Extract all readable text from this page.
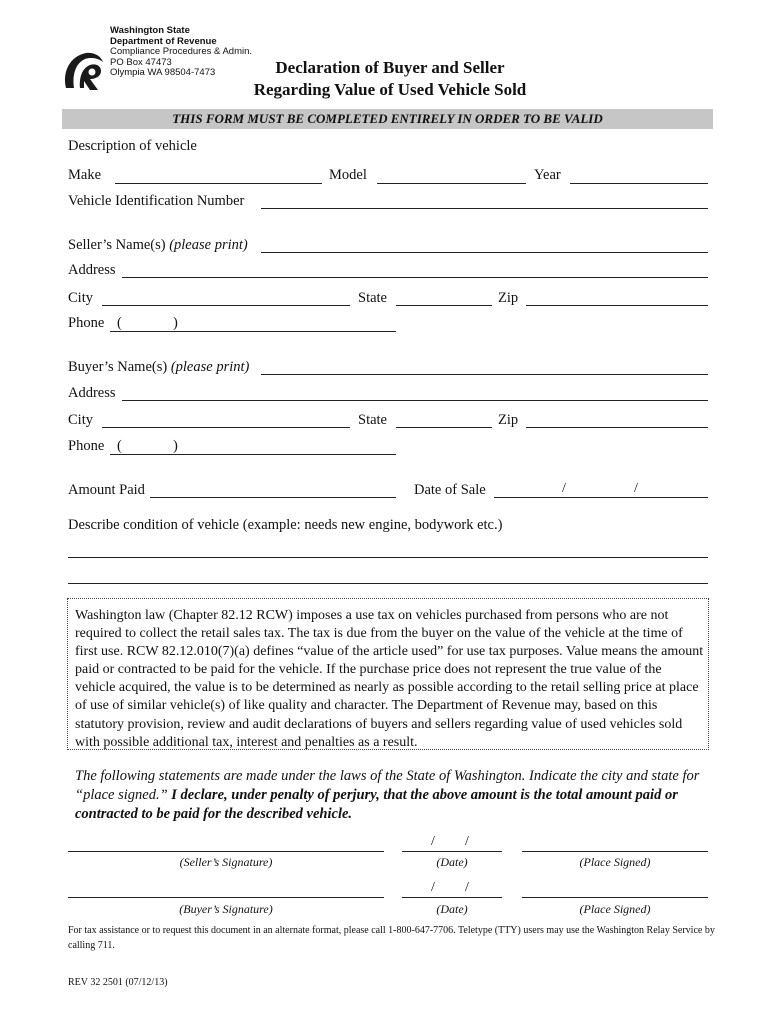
Washington State
Department of Revenue
Compliance Procedures & Admin.
PO Box 47473
Olympia WA 98504-7473	Declaration of Buyer and Seller
Regarding Value of Used Vehicle Sold
THIS FORM MUST BE COMPLETED ENTIRELY IN ORDER TO BE VALID
Description of vehicle
Make	Model	Year
Vehicle Identification Number
Seller’s Name(s) (please print)
Address
City	State	Zip
Phone (	)
Buyer’s Name(s) (please print)
Address
City	State	Zip
Phone (	)
Amount Paid	Date of Sale	/	/
Describe condition of vehicle (example: needs new engine, bodywork etc.)
Washington law (Chapter 82.12 RCW) imposes a use tax on vehicles purchased from persons who are not required to collect the retail sales tax. The tax is due from the buyer on the value of the vehicle at the time of first use. RCW 82.12.010(7)(a) defines “value of the article used” for use tax purposes. Value means the amount paid or contracted to be paid for the vehicle. If the purchase price does not represent the true value of the vehicle acquired, the value is to be determined as nearly as possible according to the retail selling price at place of use of similar vehicle(s) of like quality and character. The Department of Revenue may, based on this statutory provision, review and audit declarations of buyers and sellers regarding value of used vehicles sold with possible additional tax, interest and penalties as a result.
The following statements are made under the laws of the State of Washington. Indicate the city and state for “place signed.” I declare, under penalty of perjury, that the above amount is the total amount paid or contracted to be paid for the described vehicle.
/ /
(Seller’s Signature)	(Date)	(Place Signed)
/ /
(Buyer’s Signature)	(Date)	(Place Signed)
For tax assistance or to request this document in an alternate format, please call 1-800-647-7706. Teletype (TTY) users may use the Washington Relay Service by calling 711.
REV 32 2501 (07/12/13)
